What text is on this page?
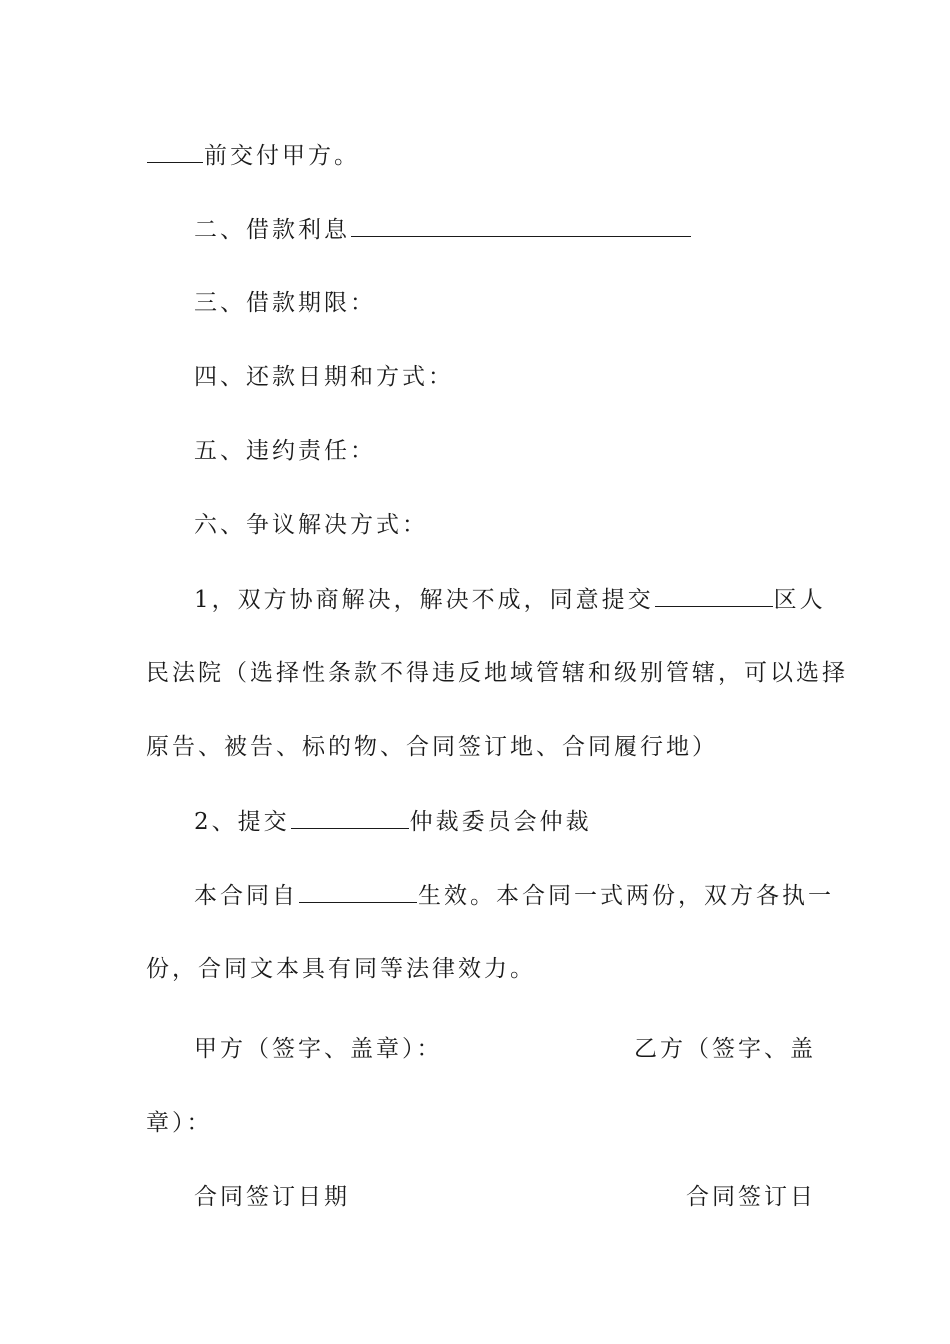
前交付甲方。
二、借款利息
三、借款期限：
四、还款日期和方式：
五、违约责任：
六、争议解决方式：
1，双方协商解决，解决不成，同意提交	区人
民法院（选择性条款不得违反地域管辖和级别管辖，可以选择
原告、被告、标的物、合同签订地、合同履行地）
2、提交	仲裁委员会仲裁
本合同自	生效。本合同一式两份，双方各执一
份，合同文本具有同等法律效力。
甲方（签字、盖章）：	乙方（签字、盖
章）：
合同签订日期	合同签订日
